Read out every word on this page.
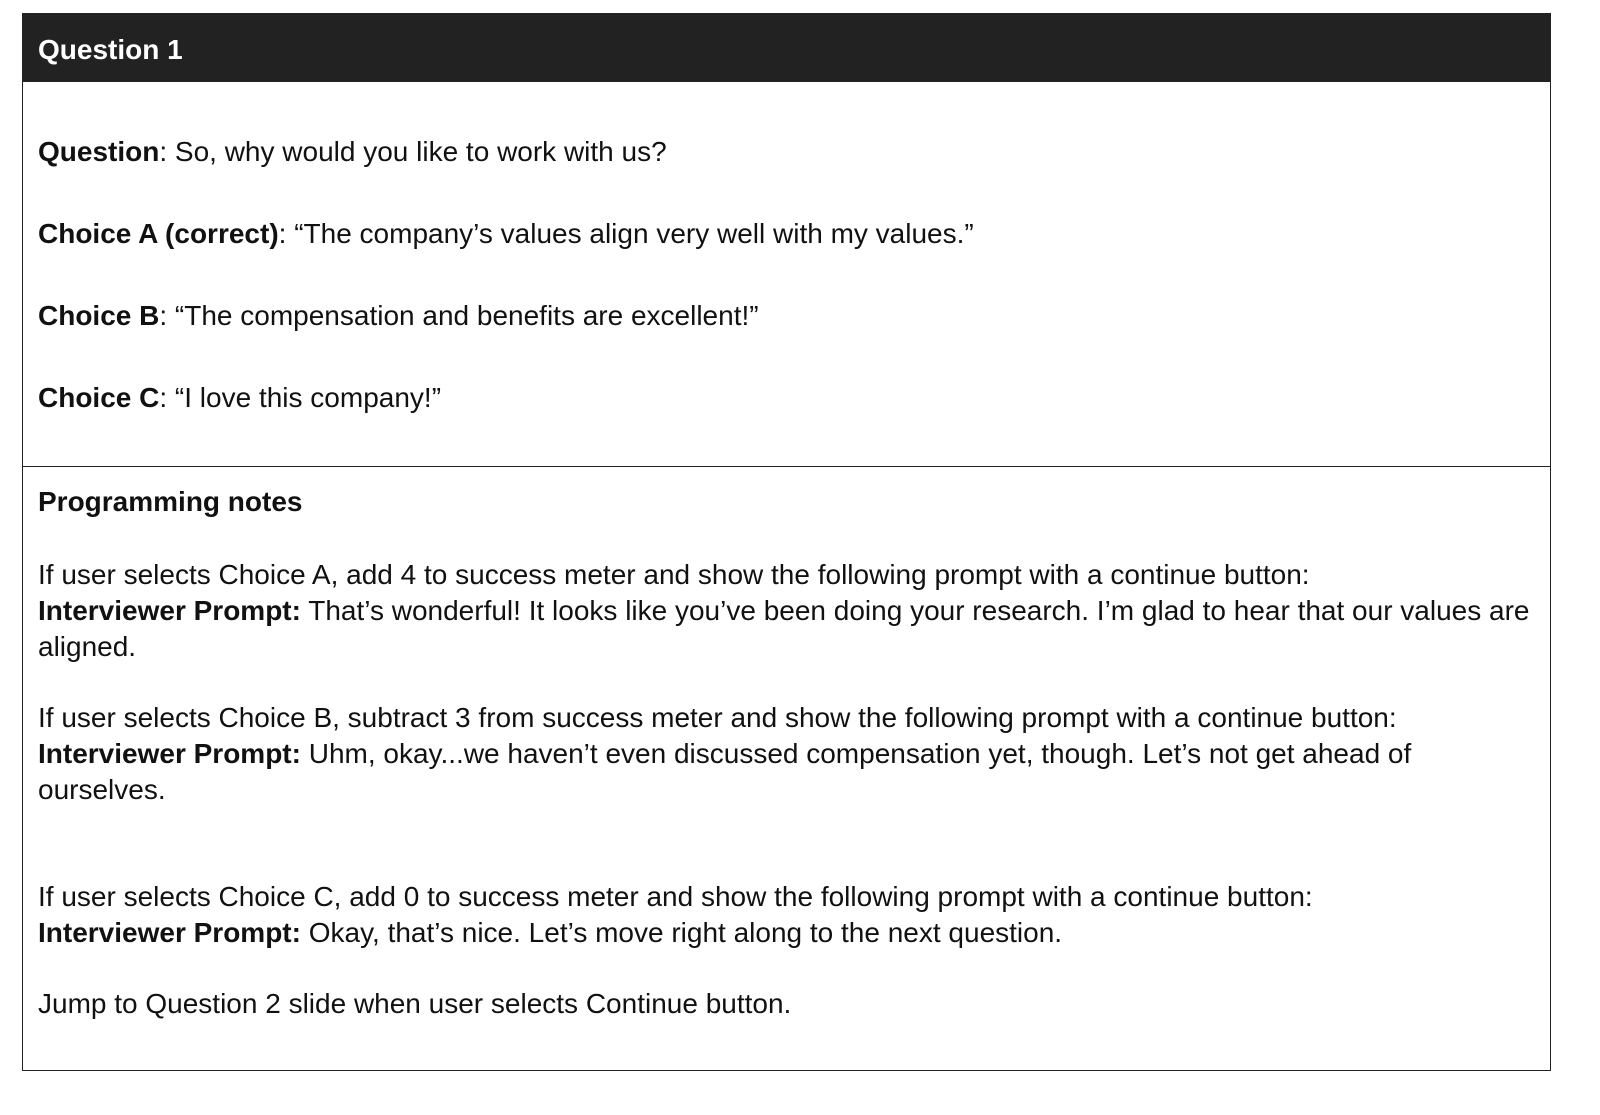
Question 1
Question: So, why would you like to work with us?
Choice A (correct): “The company’s values align very well with my values.”
Choice B: “The compensation and benefits are excellent!”
Choice C: “I love this company!”
Programming notes
If user selects Choice A, add 4 to success meter and show the following prompt with a continue button:
Interviewer Prompt: That’s wonderful! It looks like you’ve been doing your research. I’m glad to hear that our values are aligned.
If user selects Choice B, subtract 3 from success meter and show the following prompt with a continue button:
Interviewer Prompt: Uhm, okay...we haven’t even discussed compensation yet, though. Let’s not get ahead of ourselves.
If user selects Choice C, add 0 to success meter and show the following prompt with a continue button:
Interviewer Prompt: Okay, that’s nice. Let’s move right along to the next question.
Jump to Question 2 slide when user selects Continue button.
